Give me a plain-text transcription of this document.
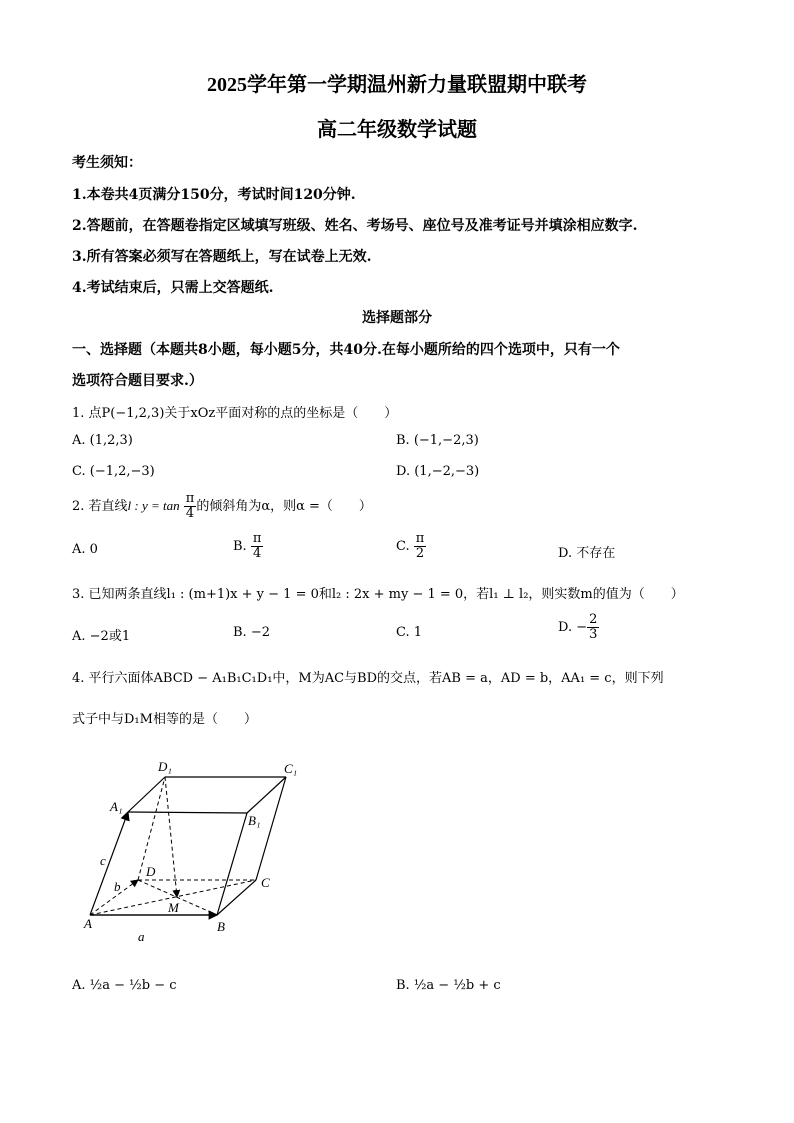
2025学年第一学期温州新力量联盟期中联考
高二年级数学试题
考生须知：
1.本卷共4页满分150分，考试时间120分钟.
2.答题前，在答题卷指定区域填写班级、姓名、考场号、座位号及准考证号并填涂相应数字.
3.所有答案必须写在答题纸上，写在试卷上无效.
4.考试结束后，只需上交答题纸.
选择题部分
一、选择题（本题共8小题，每小题5分，共40分.在每小题所给的四个选项中，只有一个
选项符合题目要求.）
1. 点P(−1,2,3)关于xOz平面对称的点的坐标是（　　）
A. (1,2,3)	B. (−1,−2,3)
C. (−1,2,−3)	D. (1,−2,−3)
2. 若直线l : $y = \tan \frac{\pi}{4}$ 的倾斜角为α，则α =（　　）
A. 0	B. $\frac{\pi}{4}$	C. $\frac{\pi}{2}$	D. 不存在
3. 已知两条直线l₁ : (m+1)x + y − 1 = 0和l₂ : 2x + my − 1 = 0，若l₁ ⊥ l₂，则实数m的值为（　　）
A. −2或1	B. −2	C. 1	D. − $\frac{2}{3}$
4. 平行六面体ABCD − A₁B₁C₁D₁中，M为AC与BD的交点，若AB = a，AD = b，AA₁ = c，则下列
式子中与D₁M相等的是（　　）
D₁	C₁
A₁
B₁
c
D
b	C
M
A	B
a
A. ½a − ½b − c	B. ½a − ½b + c
